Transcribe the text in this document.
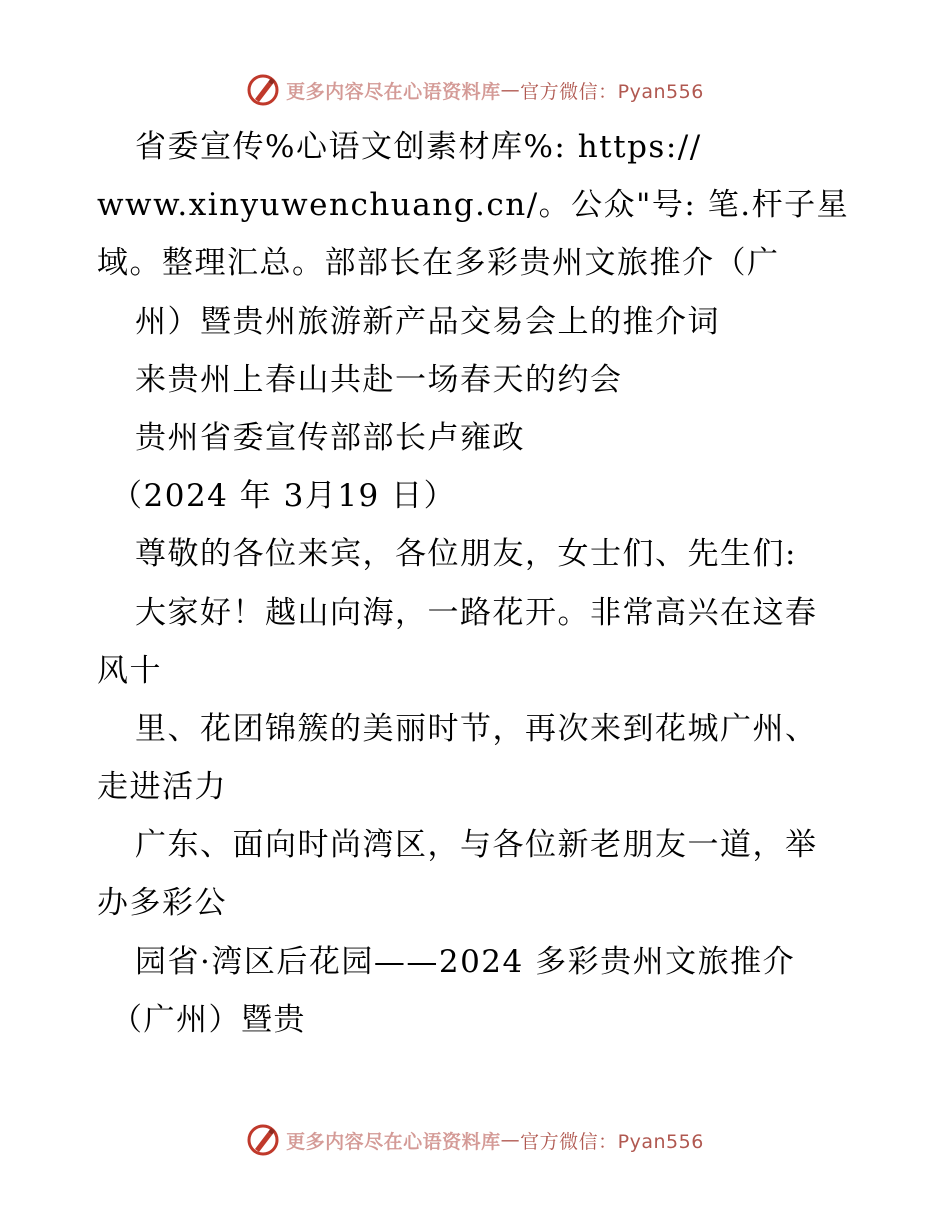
更多内容尽在心语资料库 — 官方微信：Pyan556
省委宣传%心语文创素材库%: https://
www.xinyuwenchuang.cn/。公众"号: 笔.杆子星
域。整理汇总。部部长在多彩贵州文旅推介（广
州）暨贵州旅游新产品交易会上的推介词
来贵州上春山共赴一场春天的约会
贵州省委宣传部部长卢雍政
（2024 年 3月19 日）
尊敬的各位来宾，各位朋友，女士们、先生们:
大家好！越山向海，一路花开。非常高兴在这春
风十
里、花团锦簇的美丽时节，再次来到花城广州、
走进活力
广东、面向时尚湾区，与各位新老朋友一道，举
办多彩公
园省·湾区后花园——2024 多彩贵州文旅推介
（广州）暨贵
更多内容尽在心语资料库 — 官方微信：Pyan556
